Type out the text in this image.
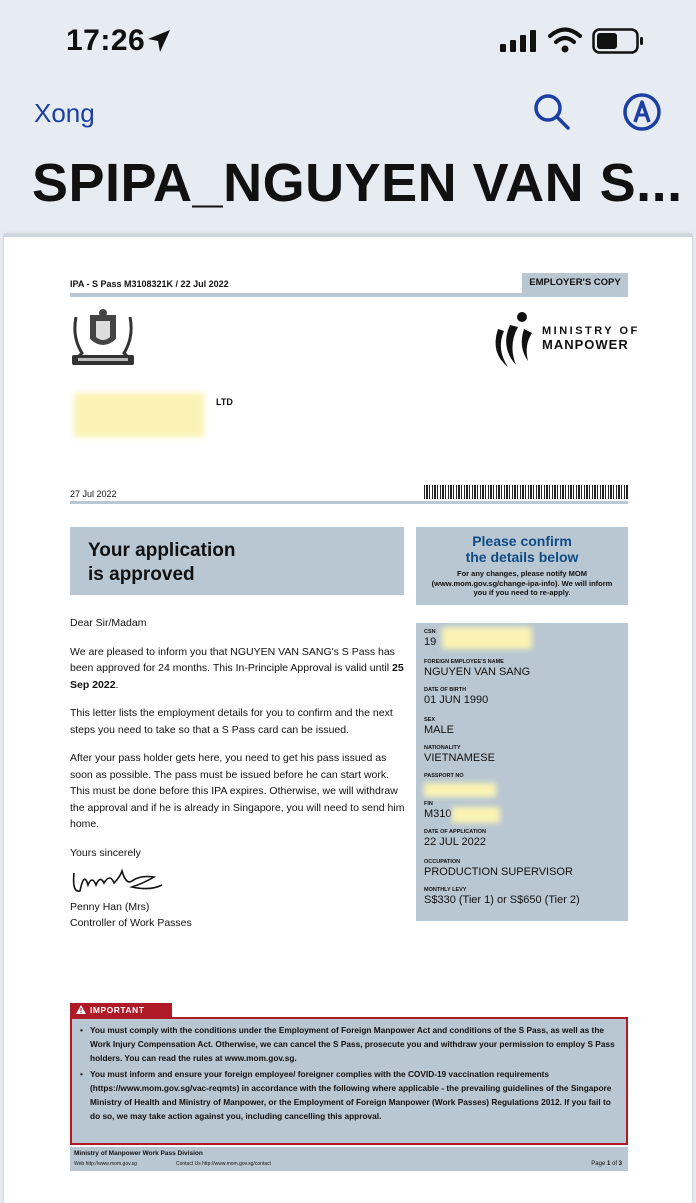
17:26
Xong
SPIPA_NGUYEN VAN S...
IPA - S Pass M3108321K / 22 Jul 2022	EMPLOYER'S COPY
MINISTRY OF
MANPOWER
LTD
27 Jul 2022
Your application
is approved
Please confirm
the details below
For any changes, please notify MOM (www.mom.gov.sg/change-ipa-info). We will inform you if you need to re-apply.

Dear Sir/Madam

We are pleased to inform you that NGUYEN VAN SANG's S Pass has been approved for 24 months. This In-Principle Approval is valid until 25 Sep 2022.

This letter lists the employment details for you to confirm and the next steps you need to take so that a S Pass card can be issued.

After your pass holder gets here, you need to get his pass issued as soon as possible. The pass must be issued before he can start work. This must be done before this IPA expires. Otherwise, we will withdraw the approval and if he is already in Singapore, you will need to send him home.

Yours sincerely

Penny Han (Mrs)
Controller of Work Passes
CSN
19
FOREIGN EMPLOYEE'S NAME
NGUYEN VAN SANG
DATE OF BIRTH
01 JUN 1990
SEX
MALE
NATIONALITY
VIETNAMESE
PASSPORT NO
FIN
M310
DATE OF APPLICATION
22 JUL 2022
OCCUPATION
PRODUCTION SUPERVISOR
MONTHLY LEVY
S$330 (Tier 1) or S$650 (Tier 2)
IMPORTANT
• You must comply with the conditions under the Employment of Foreign Manpower Act and conditions of the S Pass, as well as the Work Injury Compensation Act. Otherwise, we can cancel the S Pass, prosecute you and withdraw your permission to employ S Pass holders. You can read the rules at www.mom.gov.sg.
• You must inform and ensure your foreign employee/ foreigner complies with the COVID-19 vaccination requirements (https://www.mom.gov.sg/vac-reqmts) in accordance with the following where applicable - the prevailing guidelines of the Singapore Ministry of Health and Ministry of Manpower, or the Employment of Foreign Manpower (Work Passes) Regulations 2012. If you fail to do so, we may take action against you, including cancelling this approval.
Ministry of Manpower Work Pass Division
Web http://www.mom.gov.sg	Contact Us http://www.mom.gov.sg/contact	Page 1 of 3
